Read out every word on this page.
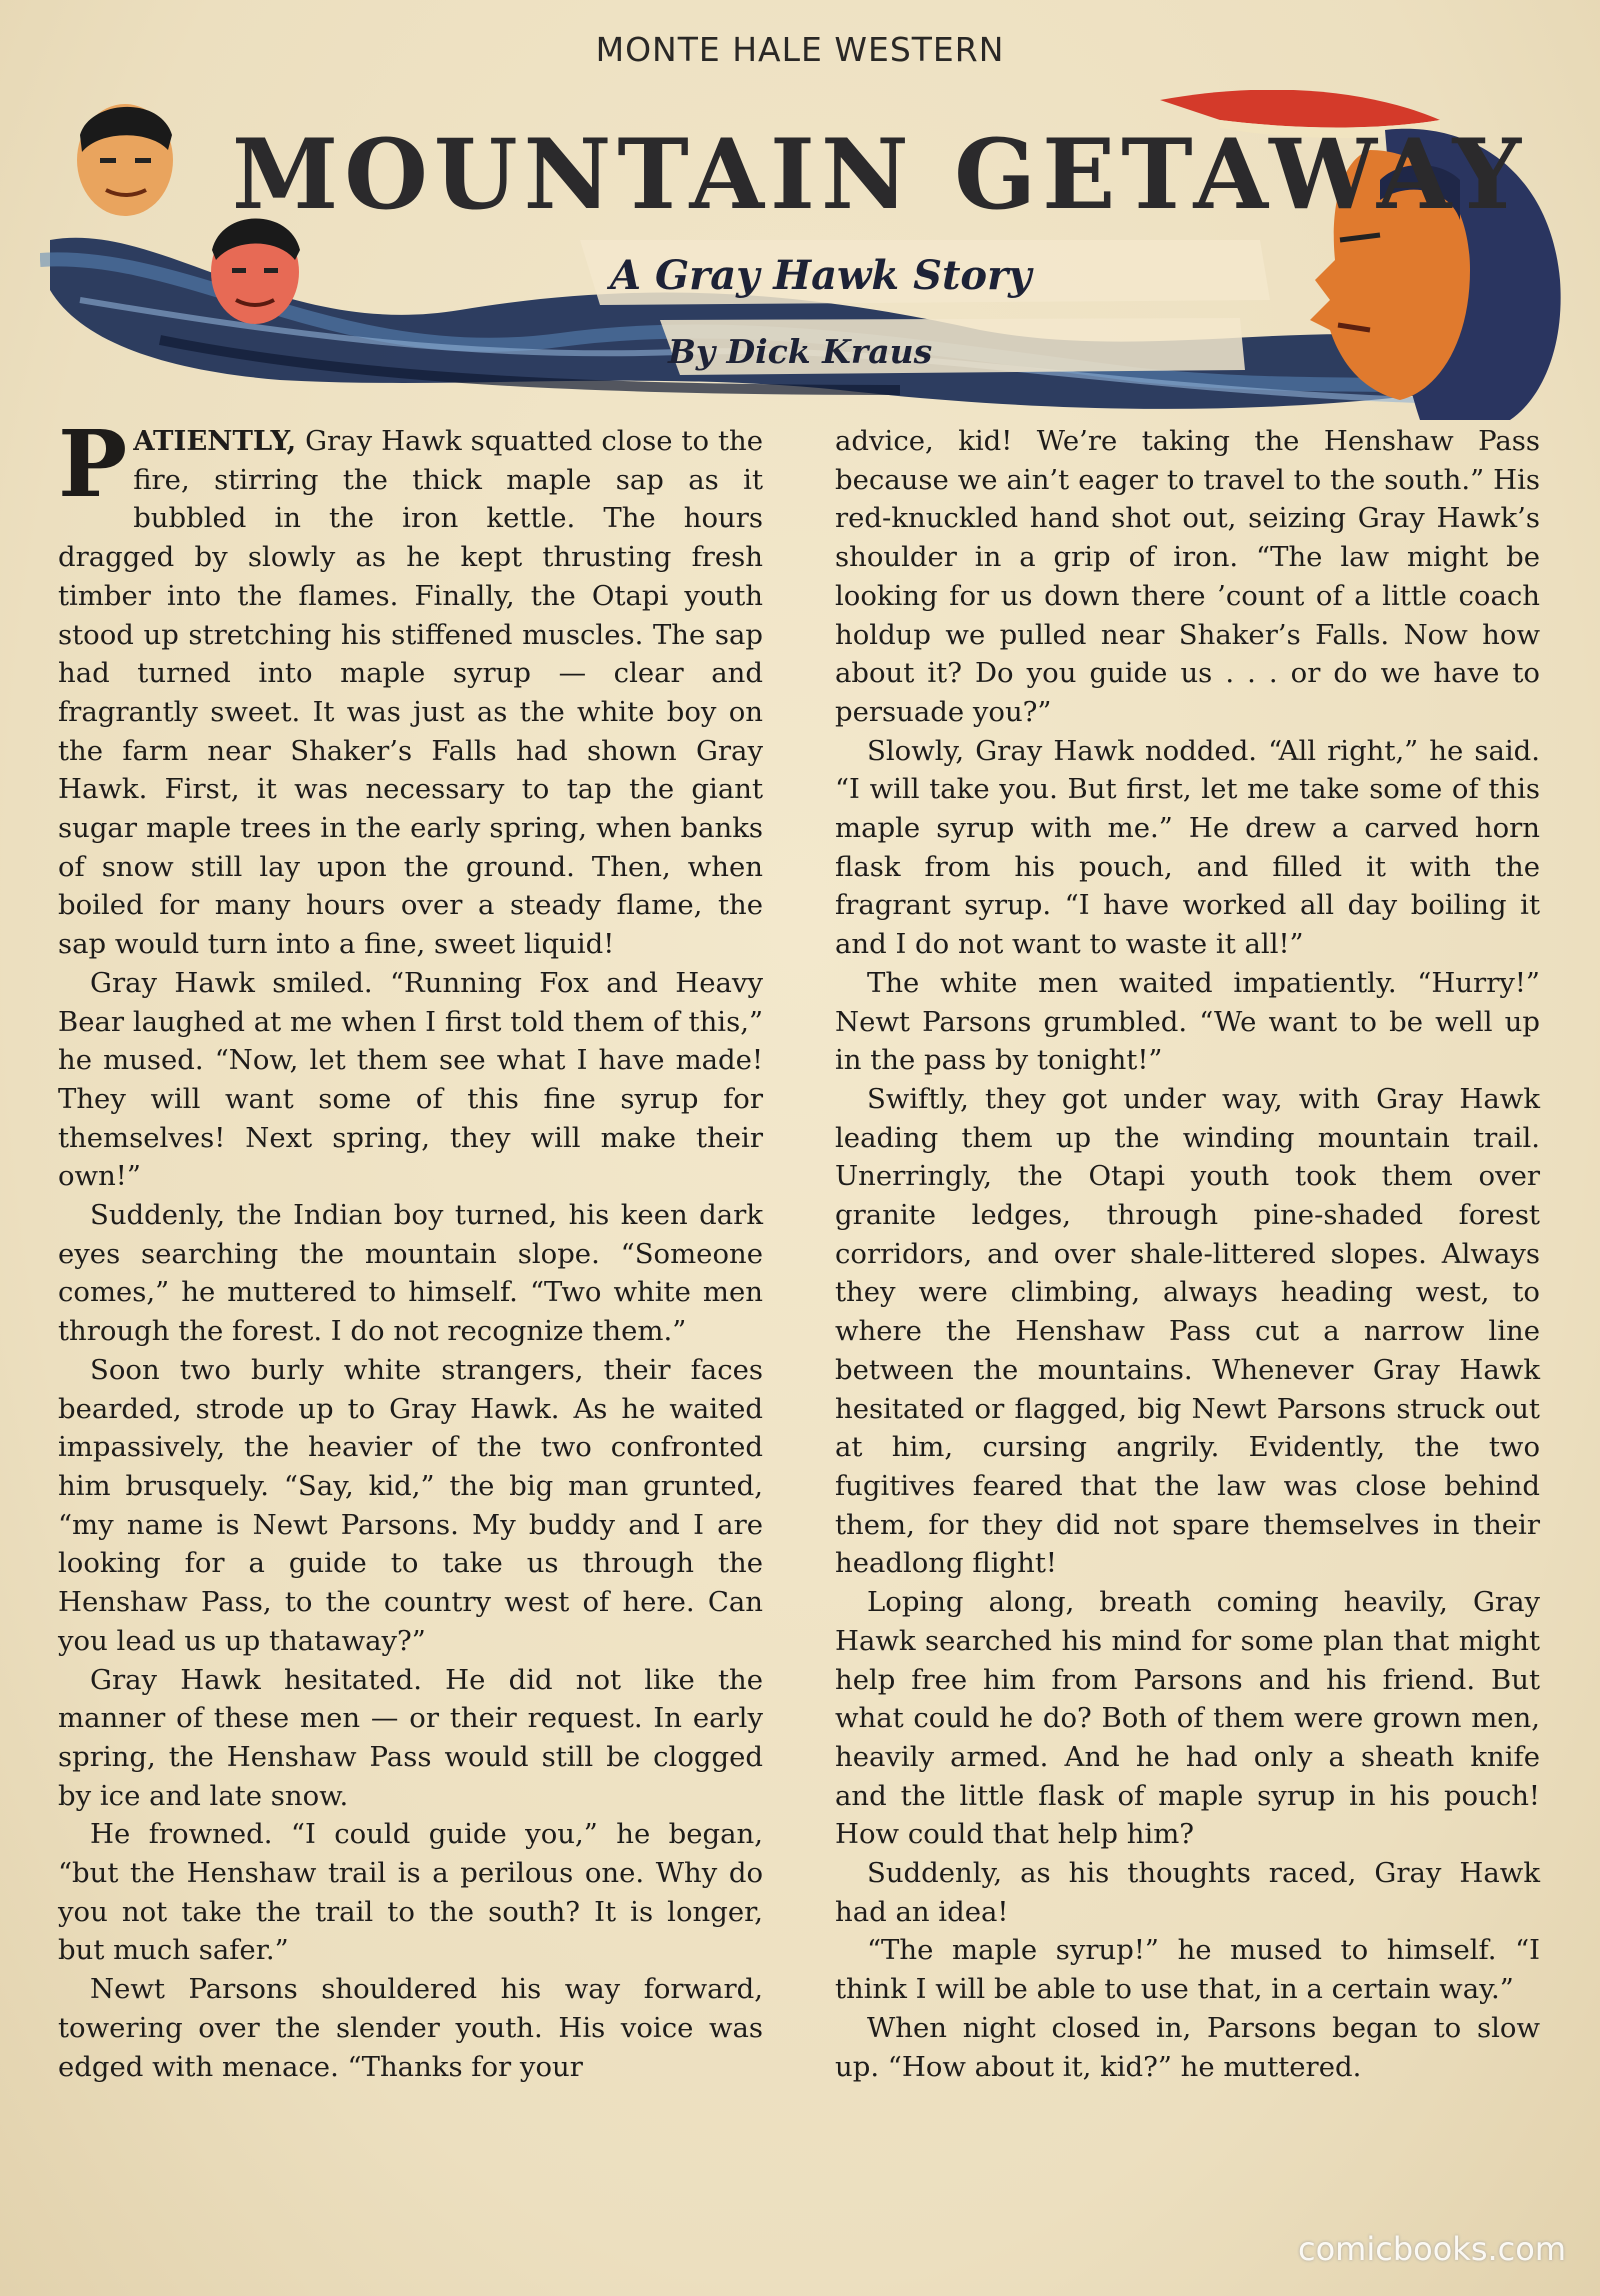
MONTE HALE WESTERN
MOUNTAIN GETAWAY
A Gray Hawk Story
By Dick Kraus

PATIENTLY, Gray Hawk squatted close to the fire, stirring the thick maple sap as it bubbled in the iron kettle. The hours dragged by slowly as he kept thrusting fresh timber into the flames. Finally, the Otapi youth stood up stretching his stiffened muscles. The sap had turned into maple syrup — clear and fragrantly sweet. It was just as the white boy on the farm near Shaker’s Falls had shown Gray Hawk. First, it was necessary to tap the giant sugar maple trees in the early spring, when banks of snow still lay upon the ground. Then, when boiled for many hours over a steady flame, the sap would turn into a fine, sweet liquid!

Gray Hawk smiled. “Running Fox and Heavy Bear laughed at me when I first told them of this,” he mused. “Now, let them see what I have made! They will want some of this fine syrup for themselves! Next spring, they will make their own!”

Suddenly, the Indian boy turned, his keen dark eyes searching the mountain slope. “Someone comes,” he muttered to himself. “Two white men through the forest. I do not recognize them.”

Soon two burly white strangers, their faces bearded, strode up to Gray Hawk. As he waited impassively, the heavier of the two confronted him brusquely. “Say, kid,” the big man grunted, “my name is Newt Parsons. My buddy and I are looking for a guide to take us through the Henshaw Pass, to the country west of here. Can you lead us up thataway?”

Gray Hawk hesitated. He did not like the manner of these men — or their request. In early spring, the Henshaw Pass would still be clogged by ice and late snow.

He frowned. “I could guide you,” he began, “but the Henshaw trail is a perilous one. Why do you not take the trail to the south? It is longer, but much safer.”

Newt Parsons shouldered his way forward, towering over the slender youth. His voice was edged with menace. “Thanks for your

advice, kid! We’re taking the Henshaw Pass because we ain’t eager to travel to the south.” His red-knuckled hand shot out, seizing Gray Hawk’s shoulder in a grip of iron. “The law might be looking for us down there ’count of a little coach holdup we pulled near Shaker’s Falls. Now how about it? Do you guide us . . . or do we have to persuade you?”

Slowly, Gray Hawk nodded. “All right,” he said. “I will take you. But first, let me take some of this maple syrup with me.” He drew a carved horn flask from his pouch, and filled it with the fragrant syrup. “I have worked all day boiling it and I do not want to waste it all!”

The white men waited impatiently. “Hurry!” Newt Parsons grumbled. “We want to be well up in the pass by tonight!”

Swiftly, they got under way, with Gray Hawk leading them up the winding mountain trail. Unerringly, the Otapi youth took them over granite ledges, through pine-shaded forest corridors, and over shale-littered slopes. Always they were climbing, always heading west, to where the Henshaw Pass cut a narrow line between the mountains. Whenever Gray Hawk hesitated or flagged, big Newt Parsons struck out at him, cursing angrily. Evidently, the two fugitives feared that the law was close behind them, for they did not spare themselves in their headlong flight!

Loping along, breath coming heavily, Gray Hawk searched his mind for some plan that might help free him from Parsons and his friend. But what could he do? Both of them were grown men, heavily armed. And he had only a sheath knife and the little flask of maple syrup in his pouch! How could that help him?

Suddenly, as his thoughts raced, Gray Hawk had an idea!

“The maple syrup!” he mused to himself. “I think I will be able to use that, in a certain way.”

When night closed in, Parsons began to slow up. “How about it, kid?” he muttered.

comicbooks.com
